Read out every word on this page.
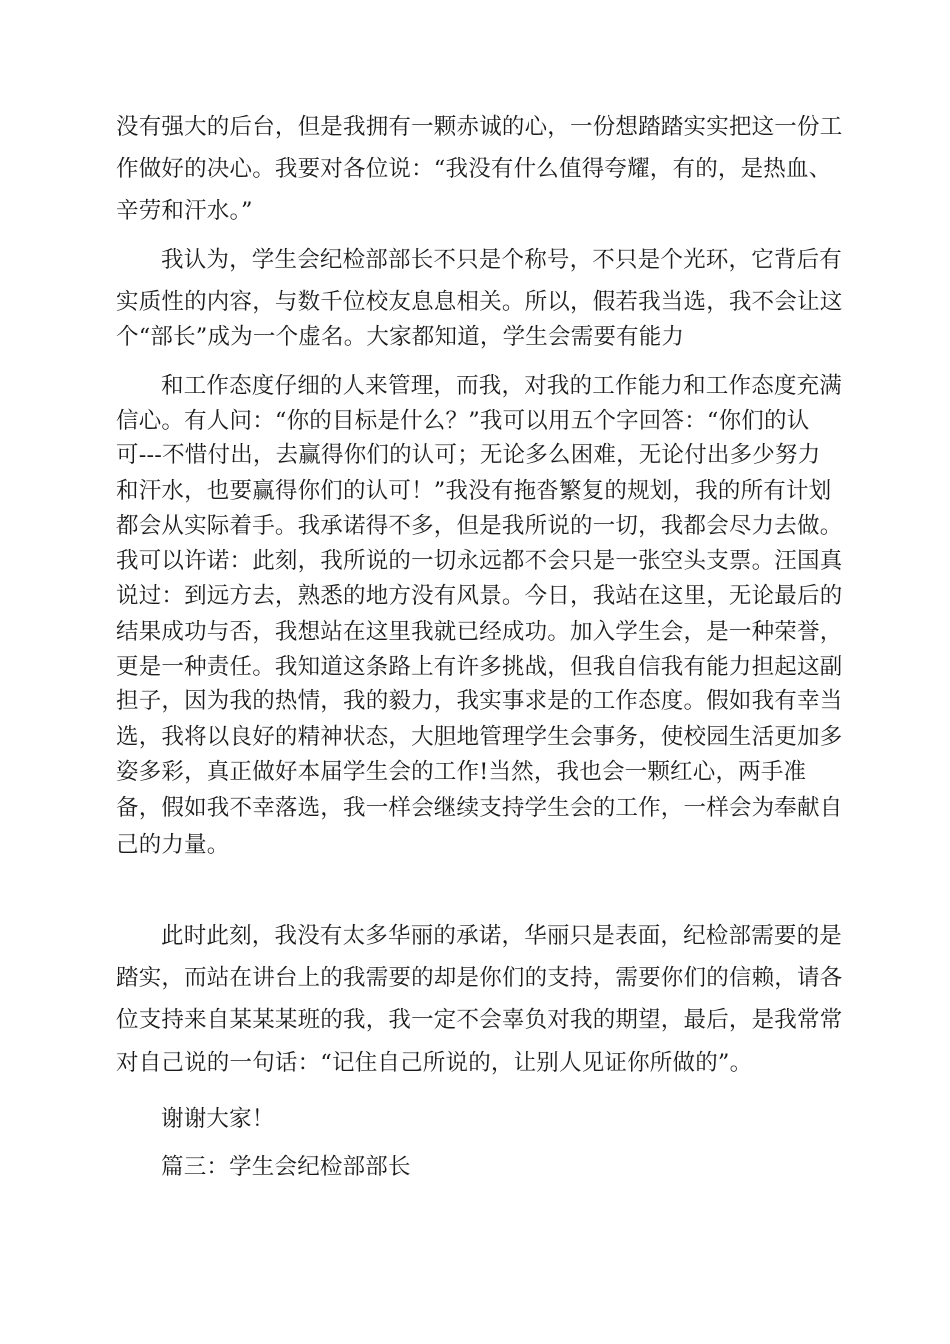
没有强大的后台，但是我拥有一颗赤诚的心，一份想踏踏实实把这一份工
作做好的决心。我要对各位说：“我没有什么值得夸耀，有的，是热血、
辛劳和汗水。”
我认为，学生会纪检部部长不只是个称号，不只是个光环，它背后有
实质性的内容，与数千位校友息息相关。所以，假若我当选，我不会让这
个“部长”成为一个虚名。大家都知道，学生会需要有能力
和工作态度仔细的人来管理，而我，对我的工作能力和工作态度充满
信心。有人问：“你的目标是什么？”我可以用五个字回答：“你们的认
可---不惜付出，去赢得你们的认可；无论多么困难，无论付出多少努力
和汗水，也要赢得你们的认可！”我没有拖沓繁复的规划，我的所有计划
都会从实际着手。我承诺得不多，但是我所说的一切，我都会尽力去做。
我可以许诺：此刻，我所说的一切永远都不会只是一张空头支票。汪国真
说过：到远方去，熟悉的地方没有风景。今日，我站在这里，无论最后的
结果成功与否，我想站在这里我就已经成功。加入学生会，是一种荣誉，
更是一种责任。我知道这条路上有许多挑战，但我自信我有能力担起这副
担子，因为我的热情，我的毅力，我实事求是的工作态度。假如我有幸当
选，我将以良好的精神状态，大胆地管理学生会事务，使校园生活更加多
姿多彩，真正做好本届学生会的工作!当然，我也会一颗红心，两手准
备，假如我不幸落选，我一样会继续支持学生会的工作，一样会为奉献自
己的力量。
此时此刻，我没有太多华丽的承诺，华丽只是表面，纪检部需要的是
踏实，而站在讲台上的我需要的却是你们的支持，需要你们的信赖，请各
位支持来自某某某班的我，我一定不会辜负对我的期望，最后，是我常常
对自己说的一句话：“记住自己所说的，让别人见证你所做的”。
谢谢大家！
篇三：学生会纪检部部长
